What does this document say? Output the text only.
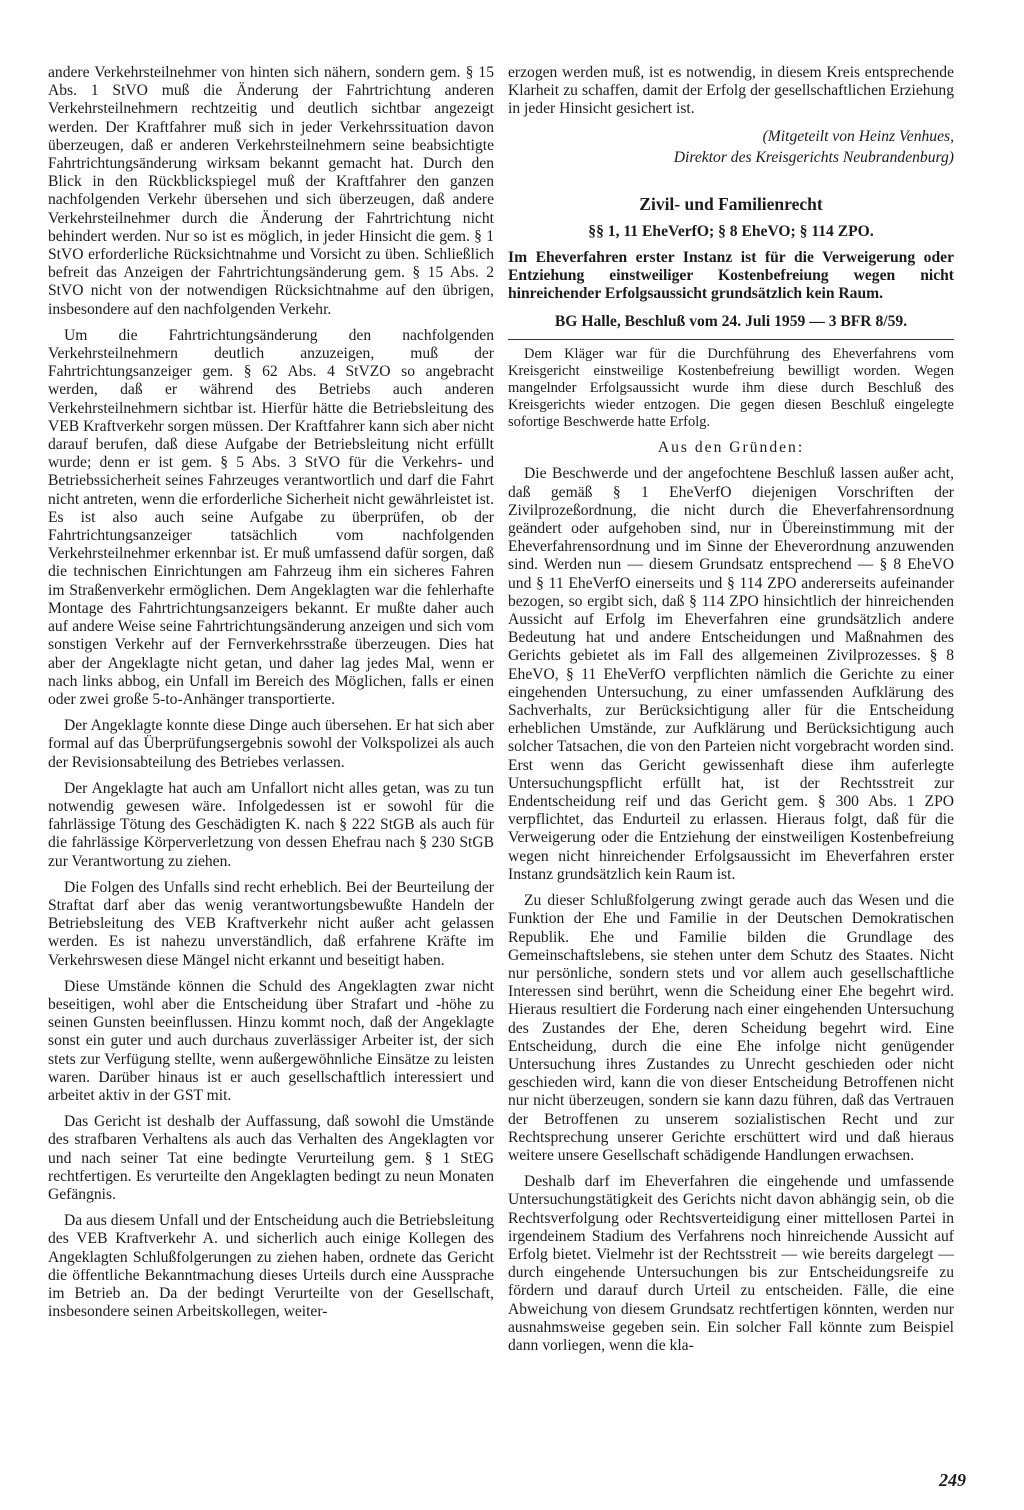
andere Verkehrsteilnehmer von hinten sich nähern, sondern gem. § 15 Abs. 1 StVO muß die Änderung der Fahrtrichtung anderen Verkehrsteilnehmern rechtzeitig und deutlich sichtbar angezeigt werden. Der Kraftfahrer muß sich in jeder Verkehrssituation davon überzeugen, daß er anderen Verkehrsteilnehmern seine beabsichtigte Fahrtrichtungsänderung wirksam bekannt gemacht hat. Durch den Blick in den Rückblickspiegel muß der Kraftfahrer den ganzen nachfolgenden Verkehr übersehen und sich überzeugen, daß andere Verkehrsteilnehmer durch die Änderung der Fahrtrichtung nicht behindert werden. Nur so ist es möglich, in jeder Hinsicht die gem. § 1 StVO erforderliche Rücksichtnahme und Vorsicht zu üben. Schließlich befreit das Anzeigen der Fahrtrichtungsänderung gem. § 15 Abs. 2 StVO nicht von der notwendigen Rücksichtnahme auf den übrigen, insbesondere auf den nachfolgenden Verkehr.

Um die Fahrtrichtungsänderung den nachfolgenden Verkehrsteilnehmern deutlich anzuzeigen, muß der Fahrtrichtungsanzeiger gem. § 62 Abs. 4 StVZO so angebracht werden, daß er während des Betriebs auch anderen Verkehrsteilnehmern sichtbar ist. Hierfür hätte die Betriebsleitung des VEB Kraftverkehr sorgen müssen. Der Kraftfahrer kann sich aber nicht darauf berufen, daß diese Aufgabe der Betriebsleitung nicht erfüllt wurde; denn er ist gem. § 5 Abs. 3 StVO für die Verkehrs- und Betriebssicherheit seines Fahrzeuges verantwortlich und darf die Fahrt nicht antreten, wenn die erforderliche Sicherheit nicht gewährleistet ist. Es ist also auch seine Aufgabe zu überprüfen, ob der Fahrtrichtungsanzeiger tatsächlich vom nachfolgenden Verkehrsteilnehmer erkennbar ist. Er muß umfassend dafür sorgen, daß die technischen Einrichtungen am Fahrzeug ihm ein sicheres Fahren im Straßenverkehr ermöglichen. Dem Angeklagten war die fehlerhafte Montage des Fahrtrichtungsanzeigers bekannt. Er mußte daher auch auf andere Weise seine Fahrtrichtungsänderung anzeigen und sich vom sonstigen Verkehr auf der Fernverkehrsstraße überzeugen. Dies hat aber der Angeklagte nicht getan, und daher lag jedes Mal, wenn er nach links abbog, ein Unfall im Bereich des Möglichen, falls er einen oder zwei große 5-to-Anhänger transportierte.

Der Angeklagte konnte diese Dinge auch übersehen. Er hat sich aber formal auf das Überprüfungsergebnis sowohl der Volkspolizei als auch der Revisionsabteilung des Betriebes verlassen.

Der Angeklagte hat auch am Unfallort nicht alles getan, was zu tun notwendig gewesen wäre. Infolgedessen ist er sowohl für die fahrlässige Tötung des Geschädigten K. nach § 222 StGB als auch für die fahrlässige Körperverletzung von dessen Ehefrau nach § 230 StGB zur Verantwortung zu ziehen.

Die Folgen des Unfalls sind recht erheblich. Bei der Beurteilung der Straftat darf aber das wenig verantwortungsbewußte Handeln der Betriebsleitung des VEB Kraftverkehr nicht außer acht gelassen werden. Es ist nahezu unverständlich, daß erfahrene Kräfte im Verkehrswesen diese Mängel nicht erkannt und beseitigt haben.

Diese Umstände können die Schuld des Angeklagten zwar nicht beseitigen, wohl aber die Entscheidung über Strafart und -höhe zu seinen Gunsten beeinflussen. Hinzu kommt noch, daß der Angeklagte sonst ein guter und auch durchaus zuverlässiger Arbeiter ist, der sich stets zur Verfügung stellte, wenn außergewöhnliche Einsätze zu leisten waren. Darüber hinaus ist er auch gesellschaftlich interessiert und arbeitet aktiv in der GST mit.

Das Gericht ist deshalb der Auffassung, daß sowohl die Umstände des strafbaren Verhaltens als auch das Verhalten des Angeklagten vor und nach seiner Tat eine bedingte Verurteilung gem. § 1 StEG rechtfertigen. Es verurteilte den Angeklagten bedingt zu neun Monaten Gefängnis.

Da aus diesem Unfall und der Entscheidung auch die Betriebsleitung des VEB Kraftverkehr A. und sicherlich auch einige Kollegen des Angeklagten Schlußfolgerungen zu ziehen haben, ordnete das Gericht die öffentliche Bekanntmachung dieses Urteils durch eine Aussprache im Betrieb an. Da der bedingt Verurteilte von der Gesellschaft, insbesondere seinen Arbeitskollegen, weiter-

erzogen werden muß, ist es notwendig, in diesem Kreis entsprechende Klarheit zu schaffen, damit der Erfolg der gesellschaftlichen Erziehung in jeder Hinsicht gesichert ist.

(Mitgeteilt von Heinz Venhues,
Direktor des Kreisgerichts Neubrandenburg)
Zivil- und Familienrecht
§§ 1, 11 EheVerfO; § 8 EheVO; § 114 ZPO.
Im Eheverfahren erster Instanz ist für die Verweigerung oder Entziehung einstweiliger Kostenbefreiung wegen nicht hinreichender Erfolgsaussicht grundsätzlich kein Raum.
BG Halle, Beschluß vom 24. Juli 1959 — 3 BFR 8/59.

Dem Kläger war für die Durchführung des Eheverfahrens vom Kreisgericht einstweilige Kostenbefreiung bewilligt worden. Wegen mangelnder Erfolgsaussicht wurde ihm diese durch Beschluß des Kreisgerichts wieder entzogen. Die gegen diesen Beschluß eingelegte sofortige Beschwerde hatte Erfolg.

Aus den Gründen:

Die Beschwerde und der angefochtene Beschluß lassen außer acht, daß gemäß § 1 EheVerfO diejenigen Vorschriften der Zivilprozeßordnung, die nicht durch die Eheverfahrensordnung geändert oder aufgehoben sind, nur in Übereinstimmung mit der Eheverfahrensordnung und im Sinne der Eheverordnung anzuwenden sind. Werden nun — diesem Grundsatz entsprechend — § 8 EheVO und § 11 EheVerfO einerseits und § 114 ZPO andererseits aufeinander bezogen, so ergibt sich, daß § 114 ZPO hinsichtlich der hinreichenden Aussicht auf Erfolg im Eheverfahren eine grundsätzlich andere Bedeutung hat und andere Entscheidungen und Maßnahmen des Gerichts gebietet als im Fall des allgemeinen Zivilprozesses. § 8 EheVO, § 11 EheVerfO verpflichten nämlich die Gerichte zu einer eingehenden Untersuchung, zu einer umfassenden Aufklärung des Sachverhalts, zur Berücksichtigung aller für die Entscheidung erheblichen Umstände, zur Aufklärung und Berücksichtigung auch solcher Tatsachen, die von den Parteien nicht vorgebracht worden sind. Erst wenn das Gericht gewissenhaft diese ihm auferlegte Untersuchungspflicht erfüllt hat, ist der Rechtsstreit zur Endentscheidung reif und das Gericht gem. § 300 Abs. 1 ZPO verpflichtet, das Endurteil zu erlassen. Hieraus folgt, daß für die Verweigerung oder die Entziehung der einstweiligen Kostenbefreiung wegen nicht hinreichender Erfolgsaussicht im Eheverfahren erster Instanz grundsätzlich kein Raum ist.

Zu dieser Schlußfolgerung zwingt gerade auch das Wesen und die Funktion der Ehe und Familie in der Deutschen Demokratischen Republik. Ehe und Familie bilden die Grundlage des Gemeinschaftslebens, sie stehen unter dem Schutz des Staates. Nicht nur persönliche, sondern stets und vor allem auch gesellschaftliche Interessen sind berührt, wenn die Scheidung einer Ehe begehrt wird. Hieraus resultiert die Forderung nach einer eingehenden Untersuchung des Zustandes der Ehe, deren Scheidung begehrt wird. Eine Entscheidung, durch die eine Ehe infolge nicht genügender Untersuchung ihres Zustandes zu Unrecht geschieden oder nicht geschieden wird, kann die von dieser Entscheidung Betroffenen nicht nur nicht überzeugen, sondern sie kann dazu führen, daß das Vertrauen der Betroffenen zu unserem sozialistischen Recht und zur Rechtsprechung unserer Gerichte erschüttert wird und daß hieraus weitere unsere Gesellschaft schädigende Handlungen erwachsen.

Deshalb darf im Eheverfahren die eingehende und umfassende Untersuchungstätigkeit des Gerichts nicht davon abhängig sein, ob die Rechtsverfolgung oder Rechtsverteidigung einer mittellosen Partei in irgendeinem Stadium des Verfahrens noch hinreichende Aussicht auf Erfolg bietet. Vielmehr ist der Rechtsstreit — wie bereits dargelegt — durch eingehende Untersuchungen bis zur Entscheidungsreife zu fördern und darauf durch Urteil zu entscheiden. Fälle, die eine Abweichung von diesem Grundsatz rechtfertigen könnten, werden nur ausnahmsweise gegeben sein. Ein solcher Fall könnte zum Beispiel dann vorliegen, wenn die kla-

249
